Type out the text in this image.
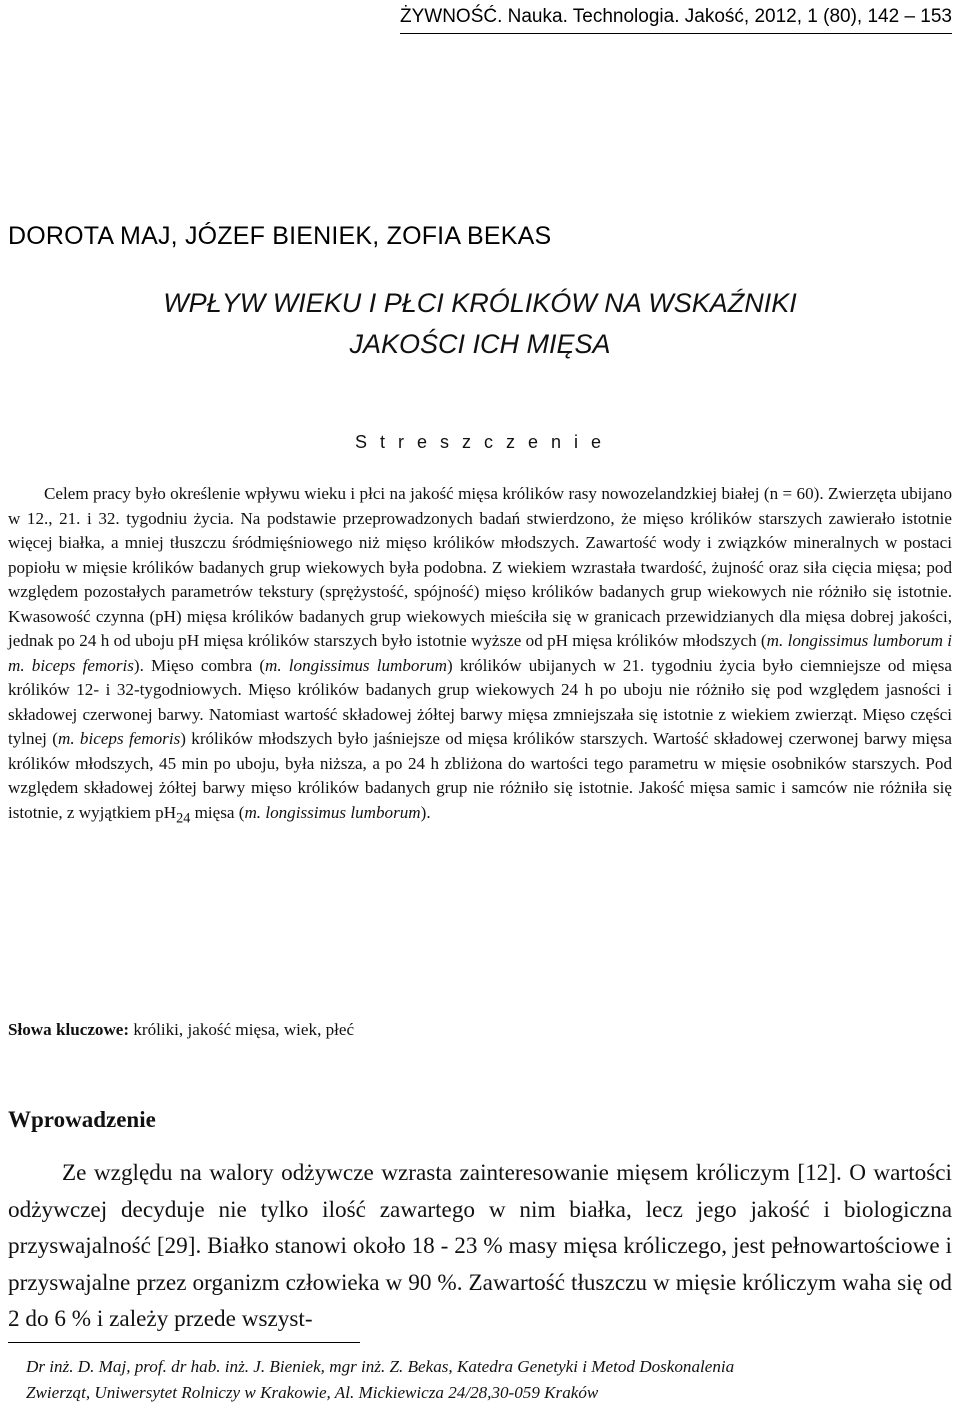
ŻYWNOŚĆ. Nauka. Technologia. Jakość, 2012, 1 (80), 142 – 153
DOROTA MAJ, JÓZEF BIENIEK, ZOFIA BEKAS
WPŁYW WIEKU I PŁCI KRÓLIKÓW NA WSKAŹNIKI
JAKOŚCI ICH MIĘSA
S t r e s z c z e n i e

Celem pracy było określenie wpływu wieku i płci na jakość mięsa królików rasy nowozelandzkiej białej (n = 60). Zwierzęta ubijano w 12., 21. i 32. tygodniu życia. Na podstawie przeprowadzonych badań stwierdzono, że mięso królików starszych zawierało istotnie więcej białka, a mniej tłuszczu śródmięśniowego niż mięso królików młodszych. Zawartość wody i związków mineralnych w postaci popiołu w mięsie królików badanych grup wiekowych była podobna. Z wiekiem wzrastała twardość, żujność oraz siła cięcia mięsa; pod względem pozostałych parametrów tekstury (sprężystość, spójność) mięso królików badanych grup wiekowych nie różniło się istotnie. Kwasowość czynna (pH) mięsa królików badanych grup wiekowych mieściła się w granicach przewidzianych dla mięsa dobrej jakości, jednak po 24 h od uboju pH mięsa królików starszych było istotnie wyższe od pH mięsa królików młodszych (m. longissimus lumborum i m. biceps femoris). Mięso combra (m. longissimus lumborum) królików ubijanych w 21. tygodniu życia było ciemniejsze od mięsa królików 12- i 32-tygodniowych. Mięso królików badanych grup wiekowych 24 h po uboju nie różniło się pod względem jasności i składowej czerwonej barwy. Natomiast wartość składowej żółtej barwy mięsa zmniejszała się istotnie z wiekiem zwierząt. Mięso części tylnej (m. biceps femoris) królików młodszych było jaśniejsze od mięsa królików starszych. Wartość składowej czerwonej barwy mięsa królików młodszych, 45 min po uboju, była niższa, a po 24 h zbliżona do wartości tego parametru w mięsie osobników starszych. Pod względem składowej żółtej barwy mięso królików badanych grup nie różniło się istotnie. Jakość mięsa samic i samców nie różniła się istotnie, z wyjątkiem $pH_{24}$ mięsa (m. longissimus lumborum).

Słowa kluczowe: króliki, jakość mięsa, wiek, płeć
Wprowadzenie

Ze względu na walory odżywcze wzrasta zainteresowanie mięsem króliczym [12]. O wartości odżywczej decyduje nie tylko ilość zawartego w nim białka, lecz jego jakość i biologiczna przyswajalność [29]. Białko stanowi około 18 - 23 % masy mięsa króliczego, jest pełnowartościowe i przyswajalne przez organizm człowieka w 90 %. Zawartość tłuszczu w mięsie króliczym waha się od 2 do 6 % i zależy przede wszyst-

Dr inż. D. Maj, prof. dr hab. inż. J. Bieniek, mgr inż. Z. Bekas, Katedra Genetyki i Metod Doskonalenia
Zwierząt, Uniwersytet Rolniczy w Krakowie, Al. Mickiewicza 24/28,30-059 Kraków
